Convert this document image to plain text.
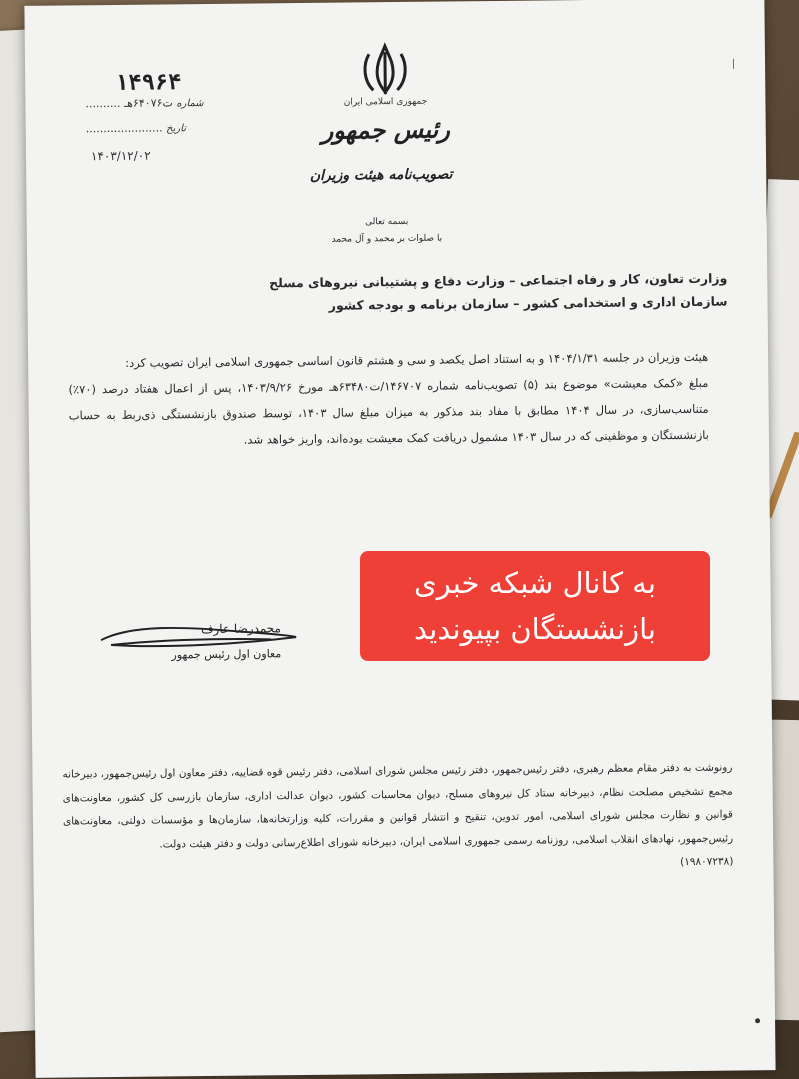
|
جمهوری اسلامی ایران
رئیس جمهور
تصویب‌نامه هیئت وزیران
۱۴۹۶۴
شماره ت۶۴۰۷۶هـ ..........
تاریخ ......................
۱۴۰۳/۱۲/۰۲
بسمه تعالی
با صلوات بر محمد و آل محمد
وزارت تعاون، کار و رفاه اجتماعی – وزارت دفاع و پشتیبانی نیروهای مسلح
سازمان اداری و استخدامی کشور – سازمان برنامه و بودجه کشور

هیئت وزیران در جلسه ۱۴۰۴/۱/۳۱ و به استناد اصل یکصد و سی و هشتم قانون اساسی جمهوری اسلامی ایران تصویب کرد:

مبلغ «کمک معیشت» موضوع بند (۵) تصویب‌نامه شماره ۱۴۶۷۰۷/ت۶۳۴۸۰هـ مورخ ۱۴۰۳/۹/۲۶، پس از اعمال هفتاد درصد (۷۰٪) متناسب‌سازی، در سال ۱۴۰۴ مطابق با مفاد بند مذکور به میزان مبلغ سال ۱۴۰۳، توسط صندوق بازنشستگی ذی‌ربط به حساب بازنشستگان و موظفینی که در سال ۱۴۰۳ مشمول دریافت کمک معیشت بوده‌اند، واریز خواهد شد.

محمدرضا عارف
معاون اول رئیس جمهور

رونوشت به دفتر مقام معظم رهبری، دفتر رئیس‌جمهور، دفتر رئیس مجلس شورای اسلامی، دفتر رئیس قوه قضاییه، دفتر معاون اول رئیس‌جمهور، دبیرخانه مجمع تشخیص مصلحت نظام، دبیرخانه ستاد کل نیروهای مسلح، دیوان محاسبات کشور، دیوان عدالت اداری، سازمان بازرسی کل کشور، معاونت‌های قوانین و نظارت مجلس شورای اسلامی، امور تدوین، تنقیح و انتشار قوانین و مقررات، کلیه وزارتخانه‌ها، سازمان‌ها و مؤسسات دولتی، معاونت‌های رئیس‌جمهور، نهادهای انقلاب اسلامی، روزنامه رسمی جمهوری اسلامی ایران، دبیرخانه شورای اطلاع‌رسانی دولت و دفتر هیئت دولت.

(۱۹۸۰۷۲۳۸)

به کانال شبکه خبری
بازنشستگان بپیوندید
